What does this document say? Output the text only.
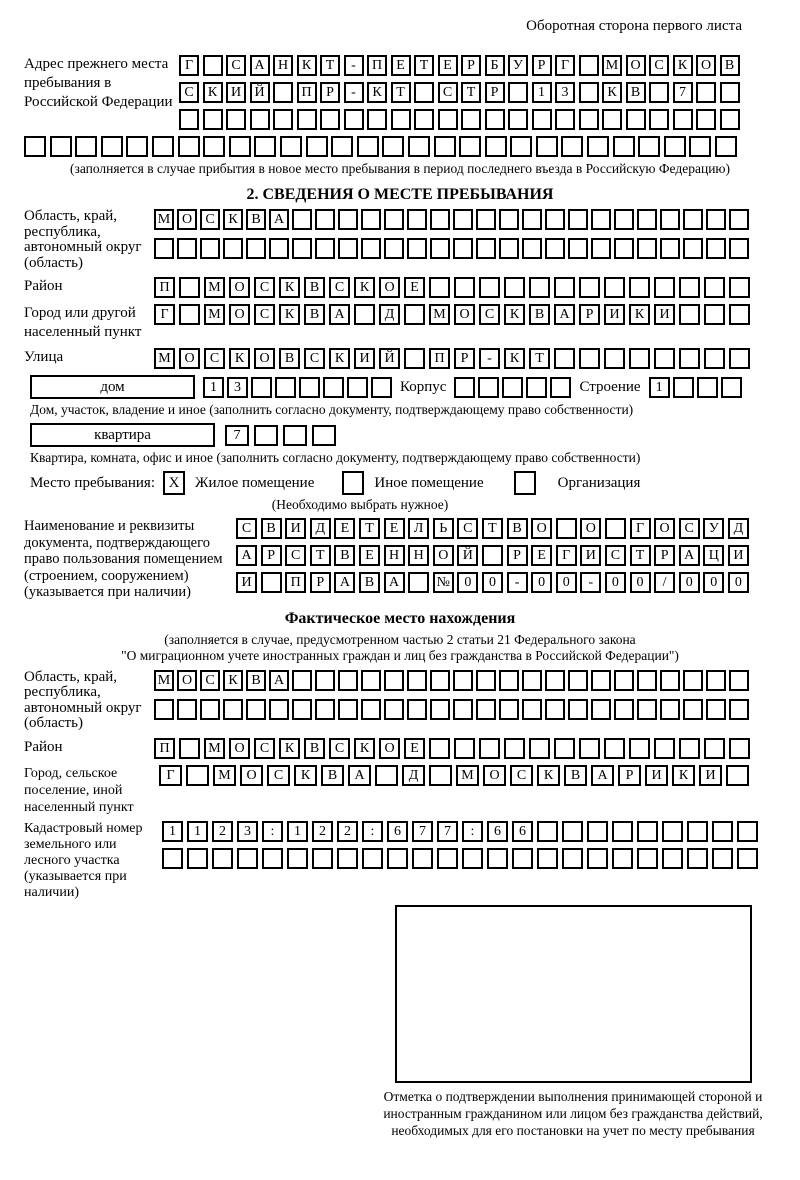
Оборотная сторона первого листа
Адрес прежнего места пребывания в Российской Федерации
Г	С А Н К	Т	-	П	Е	Т	Е	Р	Б	У	Р	Г	М О С	К О В
С	К И Й	П	Р	-	К	Т	С	Т	Р	1	3	К	В	7
(заполняется в случае прибытия в новое место пребывания в период последнего въезда в Российскую Федерацию)
2. СВЕДЕНИЯ О МЕСТЕ ПРЕБЫВАНИЯ
Область, край, республика, автономный округ (область)
М О С К В А
Район	П	М О	С	К	В	С	К	О	Е
Город или другой населенный пункт
Г	М О	С	К	В	А	Д	М О	С	К	В	А	Р	И	К	И
Улица	М О	С	К	О	В	С	К	И	Й	П	Р	-	К	Т
дом	1	3	Корпус	Строение	1
Дом, участок, владение и иное (заполнить согласно документу, подтверждающему право собственности)
квартира	7
Квартира, комната, офис и иное (заполнить согласно документу, подтверждающему право собственности)
Место пребывания: Х	Жилое помещение	Иное помещение	Организация
(Необходимо выбрать нужное)
Наименование и реквизиты документа, подтверждающего право пользования помещением (строением, сооружением) (указывается при наличии)
С	В	И	Д	Е	Т	Е	Л	Ь	С	Т	В	О	О	Г	О	С	У	Д
А	Р	С	Т	В	Е	Н	Н	О	Й	Р	Е	Г	И	С	Т	Р	А	Ц	И
И	П	Р	А	В	А	№	0	0	-	0	0	-	0	0	/	0	0	0
Фактическое место нахождения
(заполняется в случае, предусмотренном частью 2 статьи 21 Федерального закона
"О миграционном учете иностранных граждан и лиц без гражданства в Российской Федерации")
Область, край, республика, автономный округ (область)
М О С К В А
Район	П	М О	С	К	В	С	К	О	Е
Город, сельское поселение, иной населенный пункт
Г	М	О	С	К	В	А	Д	М	О	С	К	В	А	Р	И	К	И
Кадастровый номер земельного или лесного участка (указывается при наличии)
1	1	2	3	:	1	2	2	:	6	7	7	:	6	6
Отметка о подтверждении выполнения принимающей стороной и иностранным гражданином или лицом без гражданства действий, необходимых для его постановки на учет по месту пребывания
